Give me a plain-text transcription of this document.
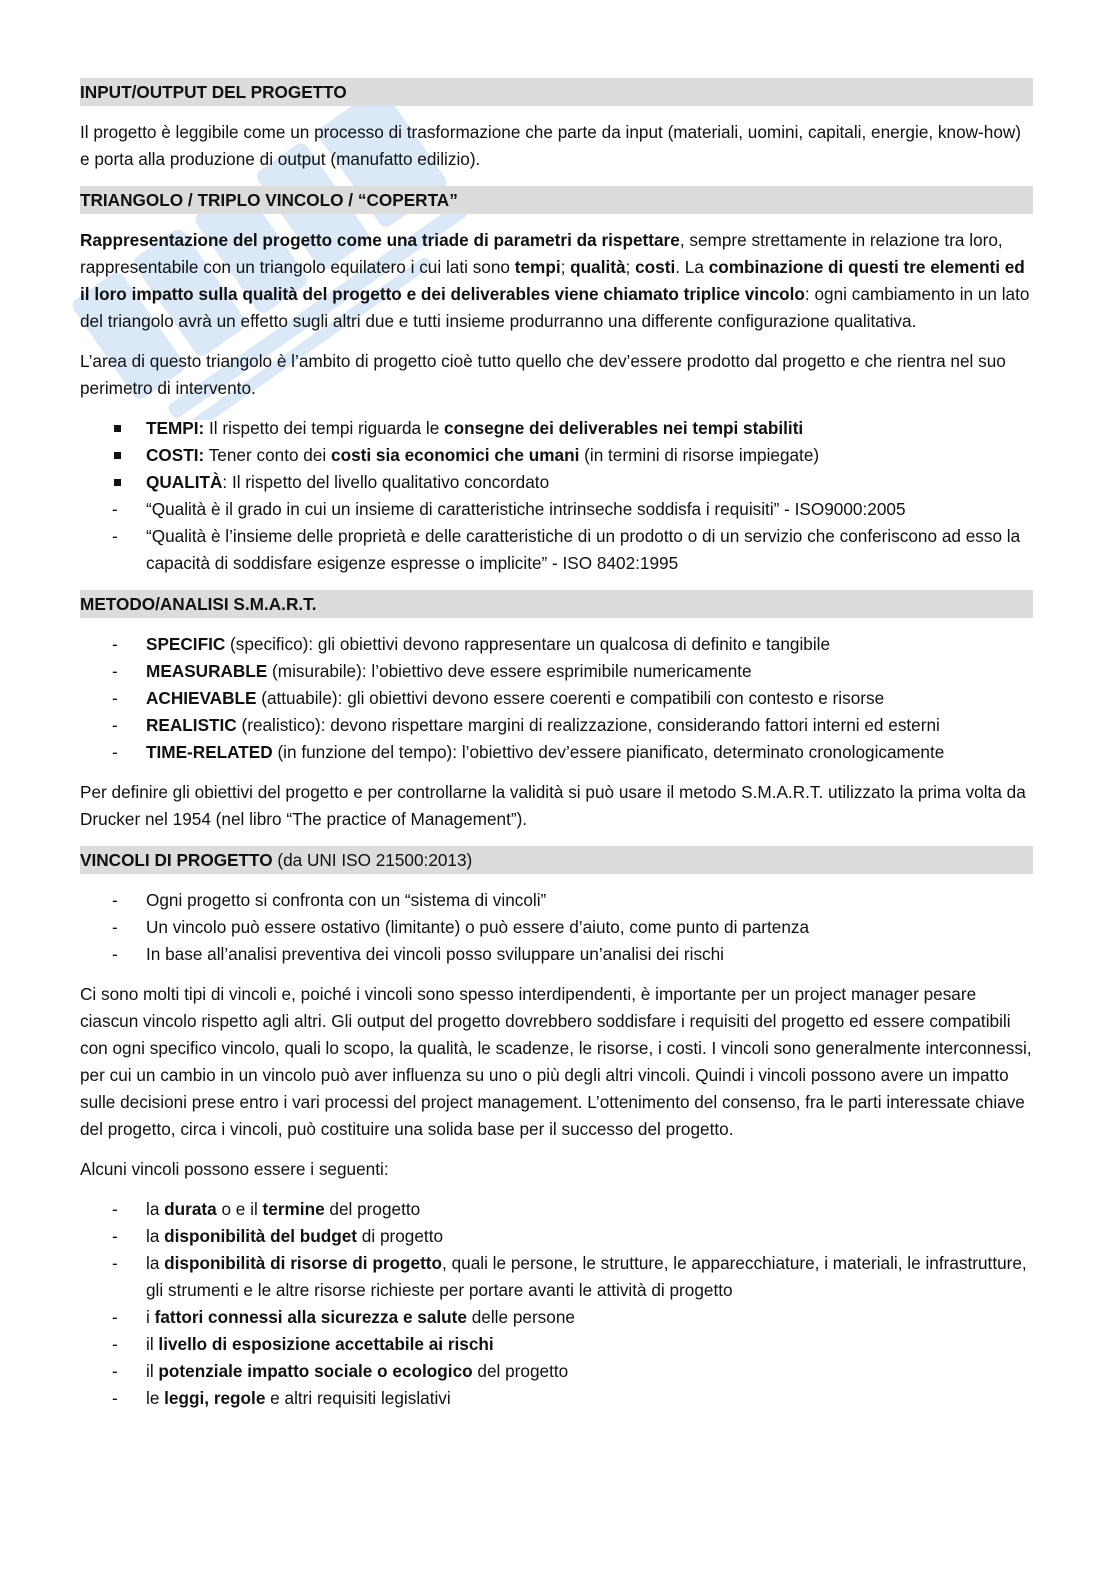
INPUT/OUTPUT DEL PROGETTO

Il progetto è leggibile come un processo di trasformazione che parte da input (materiali, uomini, capitali, energie, know-how) e porta alla produzione di output (manufatto edilizio).

TRIANGOLO / TRIPLO VINCOLO / “COPERTA”

Rappresentazione del progetto come una triade di parametri da rispettare, sempre strettamente in relazione tra loro, rappresentabile con un triangolo equilatero i cui lati sono tempi; qualità; costi. La combinazione di questi tre elementi ed il loro impatto sulla qualità del progetto e dei deliverables viene chiamato triplice vincolo: ogni cambiamento in un lato del triangolo avrà un effetto sugli altri due e tutti insieme produrranno una differente configurazione qualitativa.

L’area di questo triangolo è l’ambito di progetto cioè tutto quello che dev’essere prodotto dal progetto e che rientra nel suo perimetro di intervento.

TEMPI: Il rispetto dei tempi riguarda le consegne dei deliverables nei tempi stabiliti
COSTI: Tener conto dei costi sia economici che umani (in termini di risorse impiegate)
QUALITÀ: Il rispetto del livello qualitativo concordato
-	“Qualità è il grado in cui un insieme di caratteristiche intrinseche soddisfa i requisiti” - ISO9000:2005
-	“Qualità è l’insieme delle proprietà e delle caratteristiche di un prodotto o di un servizio che conferiscono ad esso la capacità di soddisfare esigenze espresse o implicite” - ISO 8402:1995
METODO/ANALISI S.M.A.R.T.
-	SPECIFIC (specifico): gli obiettivi devono rappresentare un qualcosa di definito e tangibile
-	MEASURABLE (misurabile): l’obiettivo deve essere esprimibile numericamente
-	ACHIEVABLE (attuabile): gli obiettivi devono essere coerenti e compatibili con contesto e risorse
-	REALISTIC (realistico): devono rispettare margini di realizzazione, considerando fattori interni ed esterni
-	TIME-RELATED (in funzione del tempo): l’obiettivo dev’essere pianificato, determinato cronologicamente

Per definire gli obiettivi del progetto e per controllarne la validità si può usare il metodo S.M.A.R.T. utilizzato la prima volta da Drucker nel 1954 (nel libro “The practice of Management”).

VINCOLI DI PROGETTO (da UNI ISO 21500:2013)
-	Ogni progetto si confronta con un “sistema di vincoli”
-	Un vincolo può essere ostativo (limitante) o può essere d’aiuto, come punto di partenza
-	In base all’analisi preventiva dei vincoli posso sviluppare un’analisi dei rischi

Ci sono molti tipi di vincoli e, poiché i vincoli sono spesso interdipendenti, è importante per un project manager pesare ciascun vincolo rispetto agli altri. Gli output del progetto dovrebbero soddisfare i requisiti del progetto ed essere compatibili con ogni specifico vincolo, quali lo scopo, la qualità, le scadenze, le risorse, i costi. I vincoli sono generalmente interconnessi, per cui un cambio in un vincolo può aver influenza su uno o più degli altri vincoli. Quindi i vincoli possono avere un impatto sulle decisioni prese entro i vari processi del project management. L’ottenimento del consenso, fra le parti interessate chiave del progetto, circa i vincoli, può costituire una solida base per il successo del progetto.

Alcuni vincoli possono essere i seguenti:

-	la durata o e il termine del progetto
-	la disponibilità del budget di progetto
-	la disponibilità di risorse di progetto, quali le persone, le strutture, le apparecchiature, i materiali, le infrastrutture, gli strumenti e le altre risorse richieste per portare avanti le attività di progetto
-	i fattori connessi alla sicurezza e salute delle persone
-	il livello di esposizione accettabile ai rischi
-	il potenziale impatto sociale o ecologico del progetto
-	le leggi, regole e altri requisiti legislativi
